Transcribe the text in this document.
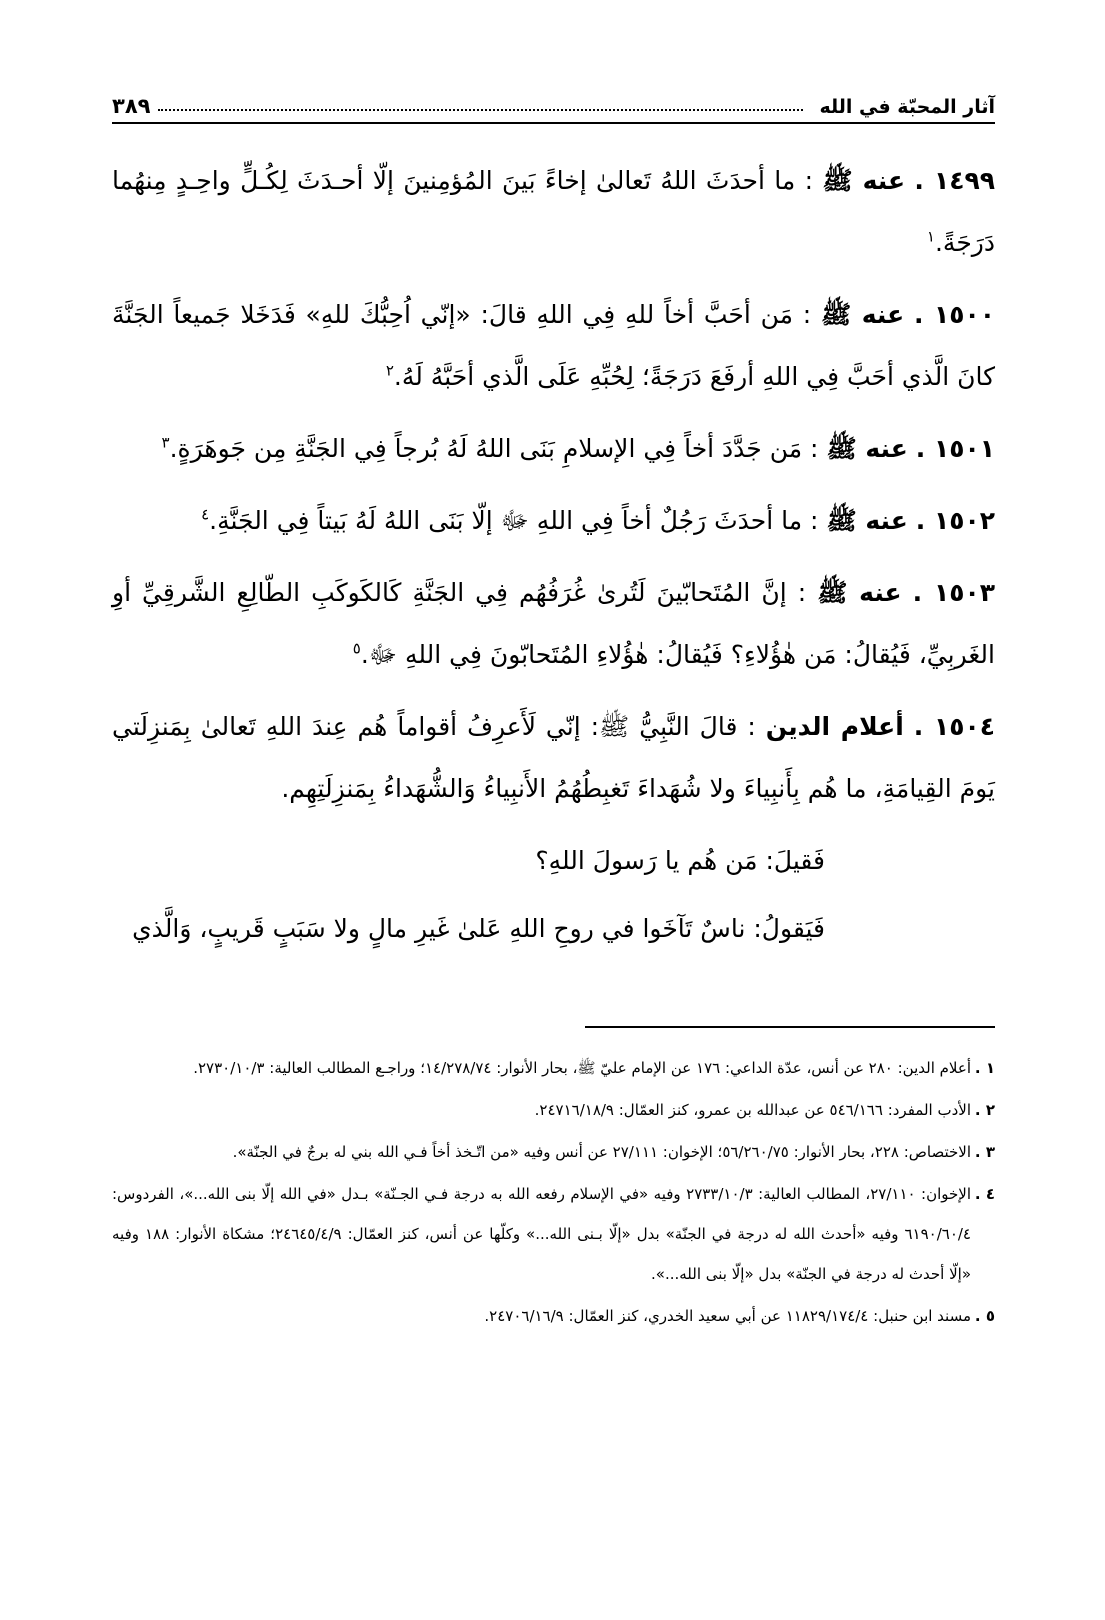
آثار المحبّة في الله
٣٨٩

١٤٩٩ . عنه ﷺ : ما أحدَثَ اللهُ تَعالىٰ إخاءً بَينَ المُؤمِنينَ إلّا أحـدَثَ لِكُـلٍّ واحِـدٍ مِنهُما دَرَجَةً.$^١$

١٥٠٠ . عنه ﷺ : مَن أحَبَّ أخاً للهِ فِي اللهِ قالَ: «إنّي اُحِبُّكَ للهِ» فَدَخَلا جَميعاً الجَنَّةَ كانَ الَّذي أحَبَّ فِي اللهِ أرفَعَ دَرَجَةً؛ لِحُبِّهِ عَلَى الَّذي أحَبَّهُ لَهُ.$^٢$

١٥٠١ . عنه ﷺ : مَن جَدَّدَ أخاً فِي الإسلامِ بَنَى اللهُ لَهُ بُرجاً فِي الجَنَّةِ مِن جَوهَرَةٍ.$^٣$

١٥٠٢ . عنه ﷺ : ما أحدَثَ رَجُلٌ أخاً فِي اللهِ ﷻ إلّا بَنَى اللهُ لَهُ بَيتاً فِي الجَنَّةِ.$^٤$

١٥٠٣ . عنه ﷺ : إنَّ المُتَحابّينَ لَتُرىٰ غُرَفُهُم فِي الجَنَّةِ كَالكَوكَبِ الطّالِعِ الشَّرقِيِّ أوِ الغَربِيِّ، فَيُقالُ: مَن هٰؤُلاءِ؟ فَيُقالُ: هٰؤُلاءِ المُتَحابّونَ فِي اللهِ ﷻ.$^٥$

١٥٠٤ . أعلام الدين : قالَ النَّبِيُّ ﷺ: إنّي لَأَعرِفُ أقواماً هُم عِندَ اللهِ تَعالىٰ بِمَنزِلَتي يَومَ القِيامَةِ، ما هُم بِأَنبِياءَ ولا شُهَداءَ تَغبِطُهُمُ الأَنبِياءُ وَالشُّهَداءُ بِمَنزِلَتِهِم.

فَقيلَ: مَن هُم يا رَسولَ اللهِ؟

فَيَقولُ: ناسٌ تَآخَوا في روحِ اللهِ عَلىٰ غَيرِ مالٍ ولا سَبَبٍ قَريبٍ، وَالَّذي

١ .
أعلام الدين: ٢٨٠ عن أنس، عدّة الداعي: ١٧٦ عن الإمام عليّ ﷺ، بحار الأنوار: ١٤/٢٧٨/٧٤؛ وراجـع المطالب العالية: ٢٧٣٠/١٠/٣.
٢ .
الأدب المفرد: ٥٤٦/١٦٦ عن عبدالله بن عمرو، كنز العمّال: ٢٤٧١٦/١٨/٩.
٣ .
الاختصاص: ٢٢٨، بحار الأنوار: ٥٦/٢٦٠/٧٥؛ الإخوان: ٢٧/١١١ عن أنس وفيه «من اتّـخذ أخاً فـي الله بني له برجٌ في الجنّة».
٤ .
الإخوان: ٢٧/١١٠، المطالب العالية: ٢٧٣٣/١٠/٣ وفيه «في الإسلام رفعه الله به درجة فـي الجـنّة» بـدل «في الله إلّا بنى الله...»، الفردوس: ٦١٩٠/٦٠/٤ وفيه «أحدث الله له درجة في الجنّة» بدل «إلّا بـنى الله...» وكلّها عن أنس، كنز العمّال: ٢٤٦٤٥/٤/٩؛ مشكاة الأنوار: ١٨٨ وفيه «إلّا أحدث له درجة في الجنّة» بدل «إلّا بنى الله...».
٥ .
مسند ابن حنبل: ١١٨٢٩/١٧٤/٤ عن أبي سعيد الخدري، كنز العمّال: ٢٤٧٠٦/١٦/٩.
